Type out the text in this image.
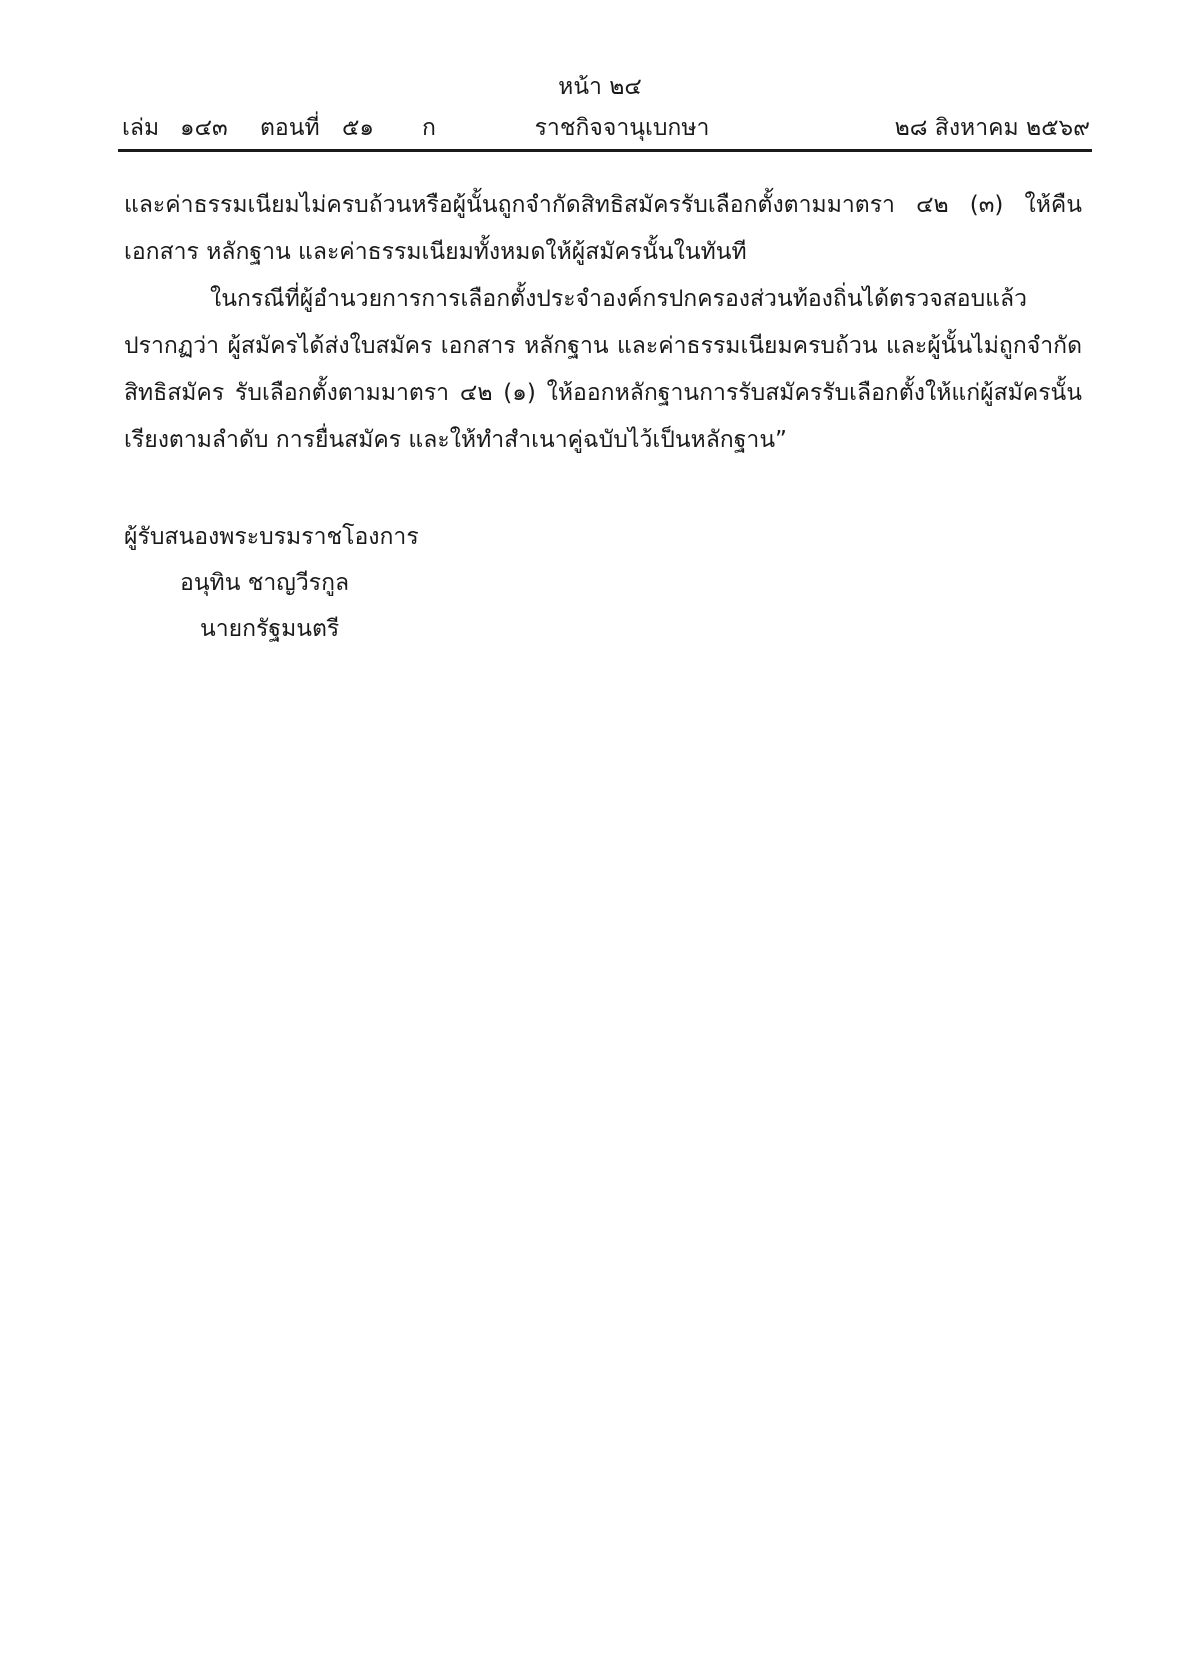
หน้า ๒๔
เล่ม ๑๔๓ ตอนที่ ๕๑ ก	ราชกิจจานุเบกษา	๒๘ สิงหาคม ๒๕๖๙

และค่าธรรมเนียมไม่ครบถ้วนหรือผู้นั้นถูกจำกัดสิทธิสมัครรับเลือกตั้งตามมาตรา ๔๒ (๓) ให้คืนเอกสาร หลักฐาน และค่าธรรมเนียมทั้งหมดให้ผู้สมัครนั้นในทันที

ในกรณีที่ผู้อำนวยการการเลือกตั้งประจำองค์กรปกครองส่วนท้องถิ่นได้ตรวจสอบแล้วปรากฏว่า ผู้สมัครได้ส่งใบสมัคร เอกสาร หลักฐาน และค่าธรรมเนียมครบถ้วน และผู้นั้นไม่ถูกจำกัดสิทธิสมัคร รับเลือกตั้งตามมาตรา ๔๒ (๑) ให้ออกหลักฐานการรับสมัครรับเลือกตั้งให้แก่ผู้สมัครนั้นเรียงตามลำดับ การยื่นสมัคร และให้ทำสำเนาคู่ฉบับไว้เป็นหลักฐาน”

ผู้รับสนองพระบรมราชโองการ
อนุทิน ชาญวีรกูล
นายกรัฐมนตรี
